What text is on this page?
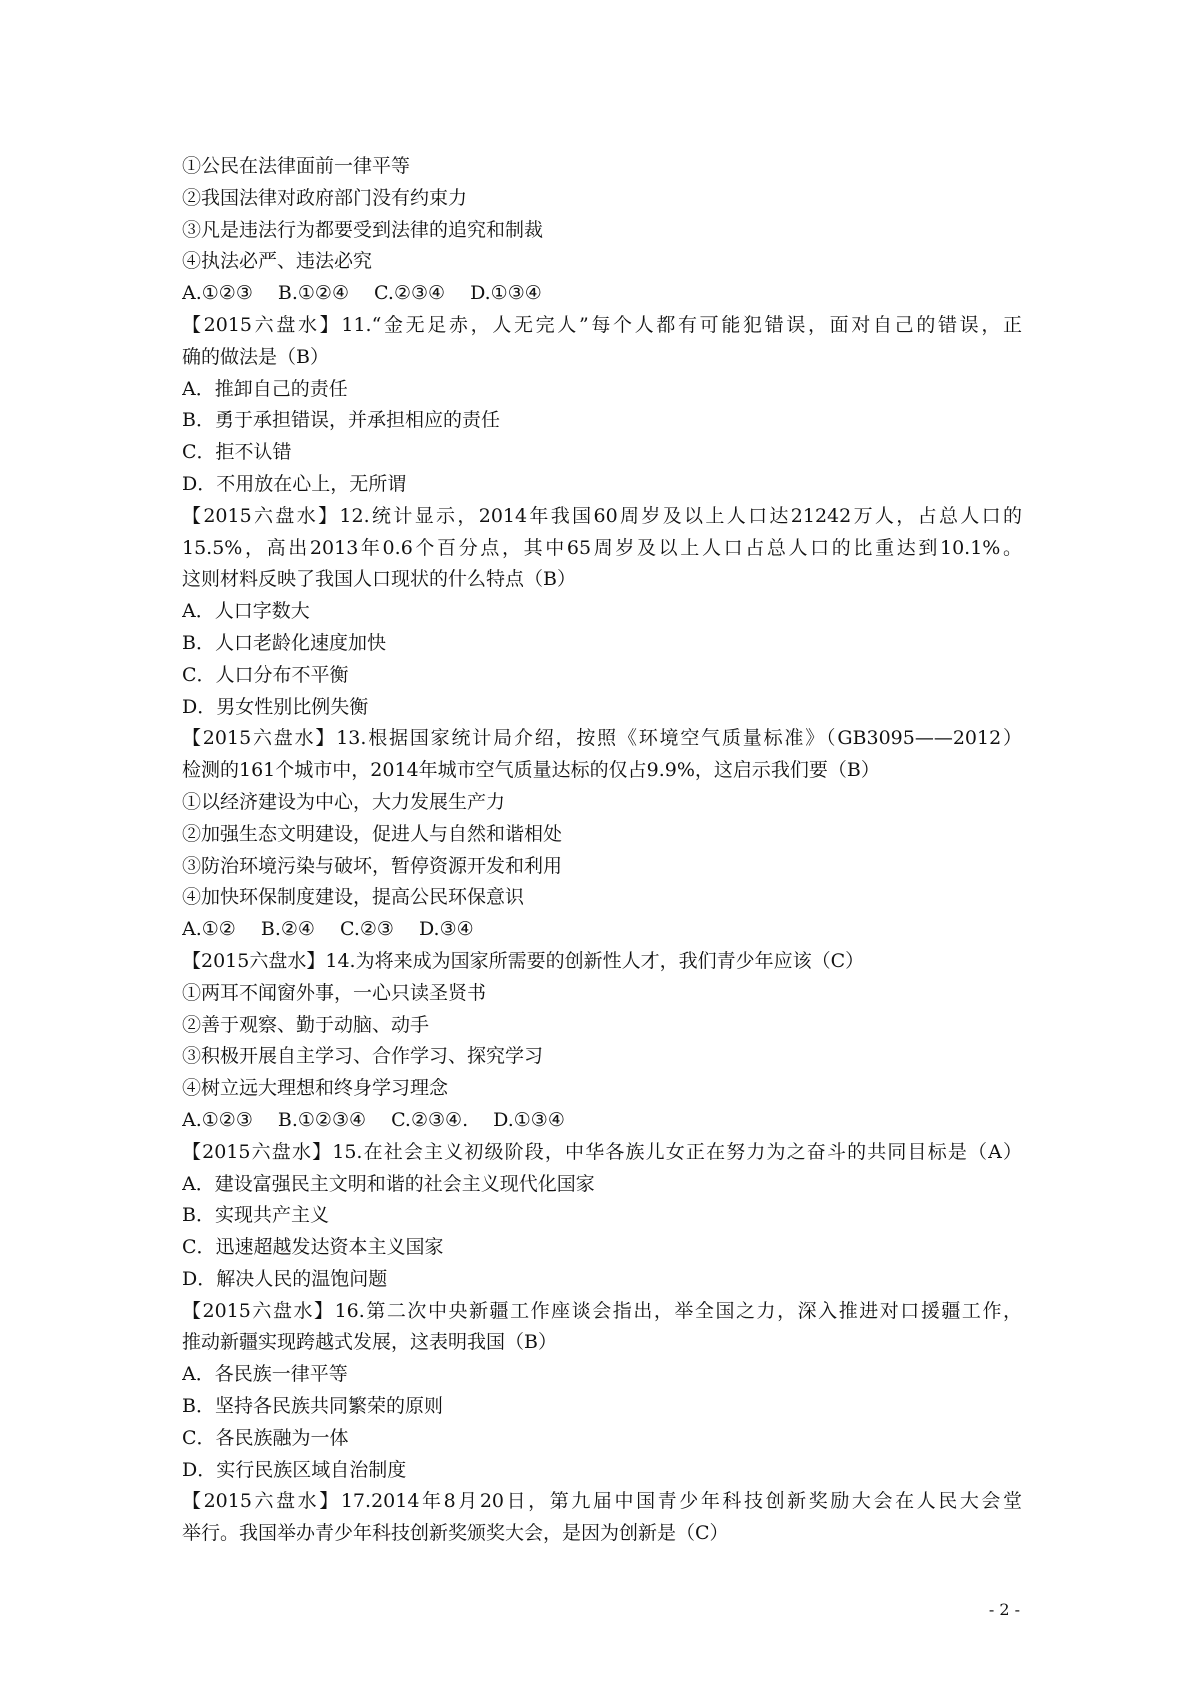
①公民在法律面前一律平等
②我国法律对政府部门没有约束力
③凡是违法行为都要受到法律的追究和制裁
④执法必严、违法必究
A.①②③　 B.①②④　 C.②③④　 D.①③④
【2015六盘水】11.“金无足赤，人无完人”每个人都有可能犯错误，面对自己的错误，正
确的做法是（B）
A．推卸自己的责任
B．勇于承担错误，并承担相应的责任
C．拒不认错
D．不用放在心上，无所谓
【2015六盘水】12.统计显示，2014年我国60周岁及以上人口达21242万人，占总人口的
15.5%，高出2013年0.6个百分点，其中65周岁及以上人口占总人口的比重达到10.1%。
这则材料反映了我国人口现状的什么特点（B）
A．人口字数大
B．人口老龄化速度加快
C．人口分布不平衡
D．男女性别比例失衡
【2015六盘水】13.根据国家统计局介绍，按照《环境空气质量标准》（GB3095——2012）
检测的161个城市中，2014年城市空气质量达标的仅占9.9%，这启示我们要（B）
①以经济建设为中心，大力发展生产力
②加强生态文明建设，促进人与自然和谐相处
③防治环境污染与破坏，暂停资源开发和利用
④加快环保制度建设，提高公民环保意识
A.①②　 B.②④　 C.②③　 D.③④
【2015六盘水】14.为将来成为国家所需要的创新性人才，我们青少年应该（C）
①两耳不闻窗外事，一心只读圣贤书
②善于观察、勤于动脑、动手
③积极开展自主学习、合作学习、探究学习
④树立远大理想和终身学习理念
A.①②③　 B.①②③④　 C.②③④.　 D.①③④
【2015六盘水】15.在社会主义初级阶段，中华各族儿女正在努力为之奋斗的共同目标是（A）
A．建设富强民主文明和谐的社会主义现代化国家
B．实现共产主义
C．迅速超越发达资本主义国家
D．解决人民的温饱问题
【2015六盘水】16.第二次中央新疆工作座谈会指出，举全国之力，深入推进对口援疆工作，
推动新疆实现跨越式发展，这表明我国（B）
A．各民族一律平等
B．坚持各民族共同繁荣的原则
C．各民族融为一体
D．实行民族区域自治制度
【2015六盘水】17.2014年8月20日，第九届中国青少年科技创新奖励大会在人民大会堂
举行。我国举办青少年科技创新奖颁奖大会，是因为创新是（C）
- 2 -
